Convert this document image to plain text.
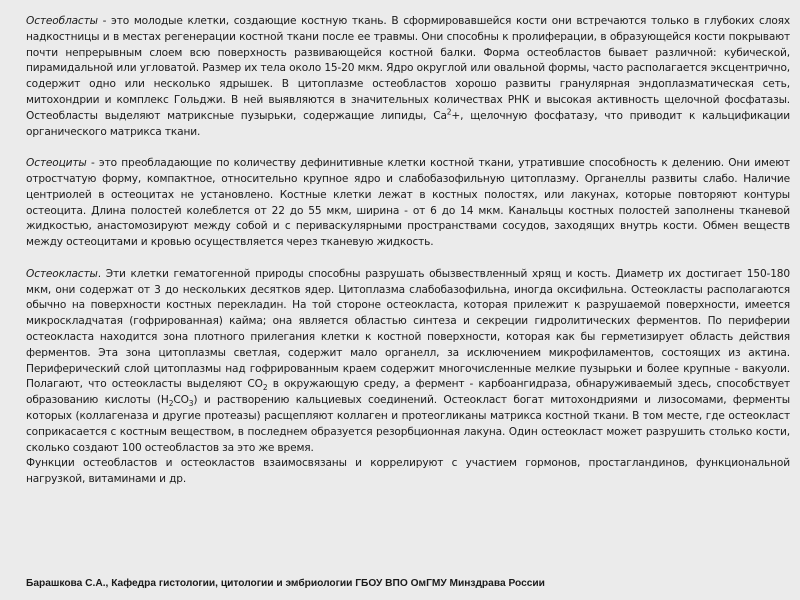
Остеобласты - это молодые клетки, создающие костную ткань. В сформировавшейся кости они встречаются только в глубоких слоях надкостницы и в местах регенерации костной ткани после ее травмы. Они способны к пролиферации, в образующейся кости покрывают почти непрерывным слоем всю поверхность развивающейся костной балки. Форма остеобластов бывает различной: кубической, пирамидальной или угловатой. Размер их тела около 15-20 мкм. Ядро округлой или овальной формы, часто располагается эксцентрично, содержит одно или несколько ядрышек. В цитоплазме остеобластов хорошо развиты гранулярная эндоплазматическая сеть, митохондрии и комплекс Гольджи. В ней выявляются в значительных количествах РНК и высокая активность щелочной фосфатазы. Остеобласты выделяют матриксные пузырьки, содержащие липиды, $Ca^2+$, щелочную фосфатазу, что приводит к кальцификации органического матрикса ткани.

Остеоциты - это преобладающие по количеству дефинитивные клетки костной ткани, утратившие способность к делению. Они имеют отростчатую форму, компактное, относительно крупное ядро и слабобазофильную цитоплазму. Органеллы развиты слабо. Наличие центриолей в остеоцитах не установлено. Костные клетки лежат в костных полостях, или лакунах, которые повторяют контуры остеоцита. Длина полостей колеблется от 22 до 55 мкм, ширина - от 6 до 14 мкм. Канальцы костных полостей заполнены тканевой жидкостью, анастомозируют между собой и с периваскулярными пространствами сосудов, заходящих внутрь кости. Обмен веществ между остеоцитами и кровью осуществляется через тканевую жидкость.

Остеокласты. Эти клетки гематогенной природы способны разрушать обызвествленный хрящ и кость. Диаметр их достигает 150-180 мкм, они содержат от 3 до нескольких десятков ядер. Цитоплазма слабобазофильна, иногда оксифильна. Остеокласты располагаются обычно на поверхности костных перекладин. На той стороне остеокласта, которая прилежит к разрушаемой поверхности, имеется микроскладчатая (гофрированная) кайма; она является областью синтеза и секреции гидролитических ферментов. По периферии остеокласта находится зона плотного прилегания клетки к костной поверхности, которая как бы герметизирует область действия ферментов. Эта зона цитоплазмы светлая, содержит мало органелл, за исключением микрофиламентов, состоящих из актина. Периферический слой цитоплазмы над гофрированным краем содержит многочисленные мелкие пузырьки и более крупные - вакуоли. Полагают, что остеокласты выделяют $CO_2$ в окружающую среду, а фермент - карбоангидраза, обнаруживаемый здесь, способствует образованию кислоты $(H_2CO_3)$ и растворению кальциевых соединений. Остеокласт богат митохондриями и лизосомами, ферменты которых (коллагеназа и другие протеазы) расщепляют коллаген и протеогликаны матрикса костной ткани. В том месте, где остеокласт соприкасается с костным веществом, в последнем образуется резорбционная лакуна. Один остеокласт может разрушить столько кости, сколько создают 100 остеобластов за это же время.

Функции остеобластов и остеокластов взаимосвязаны и коррелируют с участием гормонов, простагландинов, функциональной нагрузкой, витаминами и др.

Барашкова С.А., Кафедра гистологии, цитологии и эмбриологии ГБОУ ВПО ОмГМУ Минздрава России
